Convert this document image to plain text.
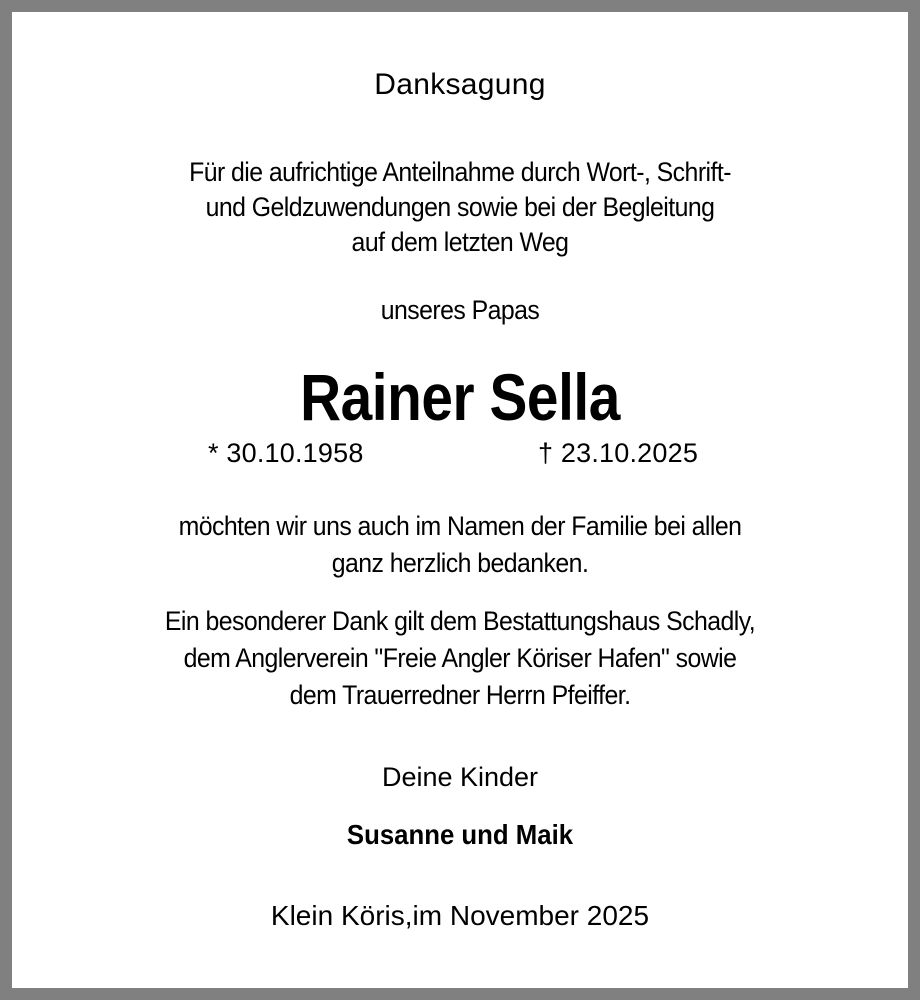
Danksagung
Für die aufrichtige Anteilnahme durch Wort-, Schrift-
und Geldzuwendungen sowie bei der Begleitung
auf dem letzten Weg
unseres Papas
Rainer Sella
* 30.10.1958	† 23.10.2025
möchten wir uns auch im Namen der Familie bei allen
ganz herzlich bedanken.
Ein besonderer Dank gilt dem Bestattungshaus Schadly,
dem Anglerverein "Freie Angler Köriser Hafen" sowie
dem Trauerredner Herrn Pfeiffer.
Deine Kinder
Susanne und Maik
Klein Köris,im November 2025
